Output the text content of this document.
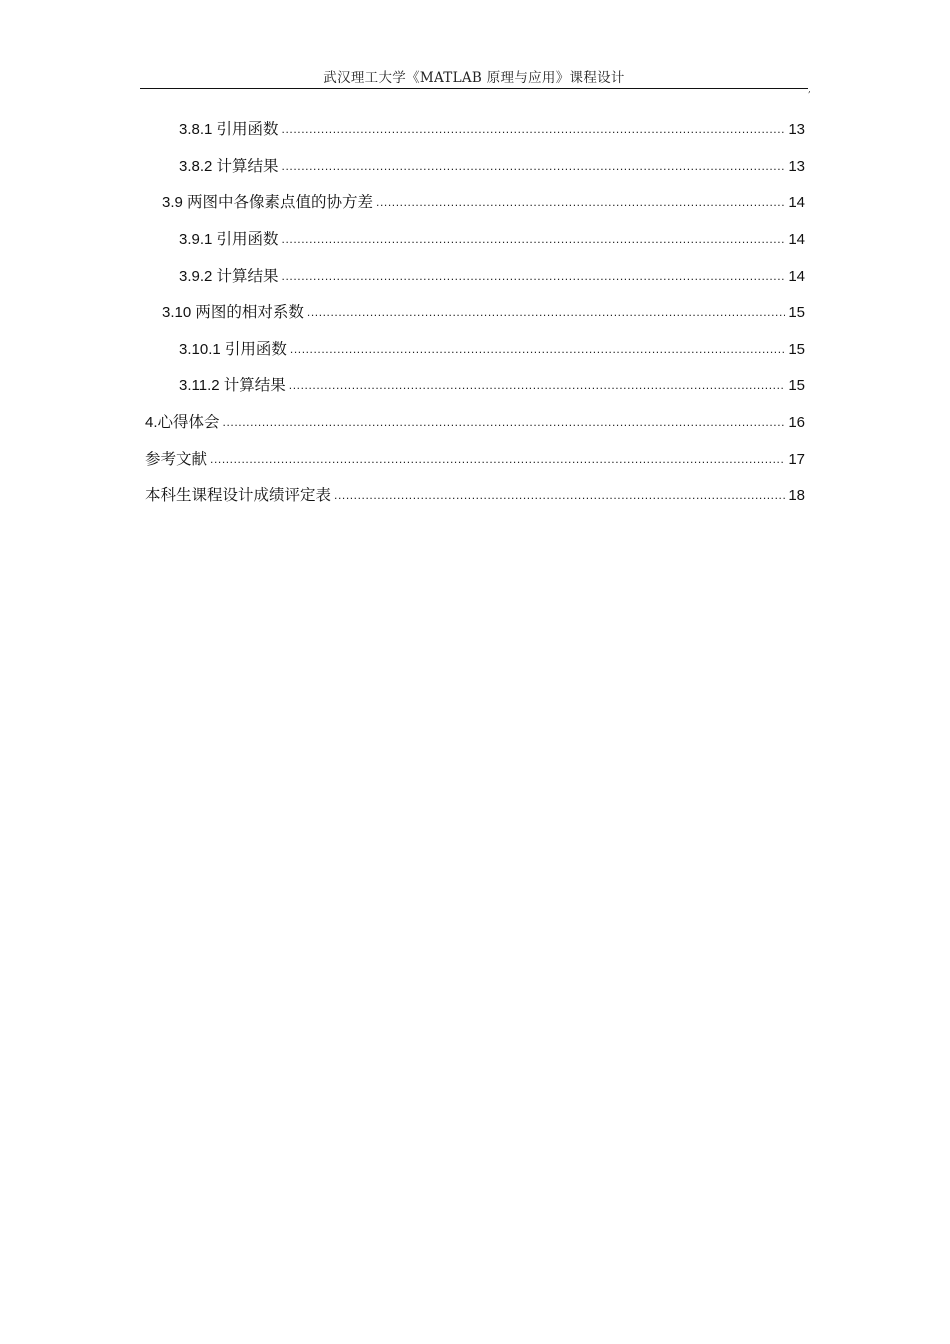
武汉理工大学《MATLAB 原理与应用》课程设计
,
3.8.1 引用函数 .....	13
3.8.2 计算结果 .....	13
3.9 两图中各像素点值的协方差 .....	14
3.9.1 引用函数 .....	14
3.9.2 计算结果 .....	14
3.10 两图的相对系数 .....	15
3.10.1 引用函数 .....	15
3.11.2 计算结果 .....	15
4. 心得体会 .....	16
参考文献 .....	17
本科生课程设计成绩评定表 .....	18
